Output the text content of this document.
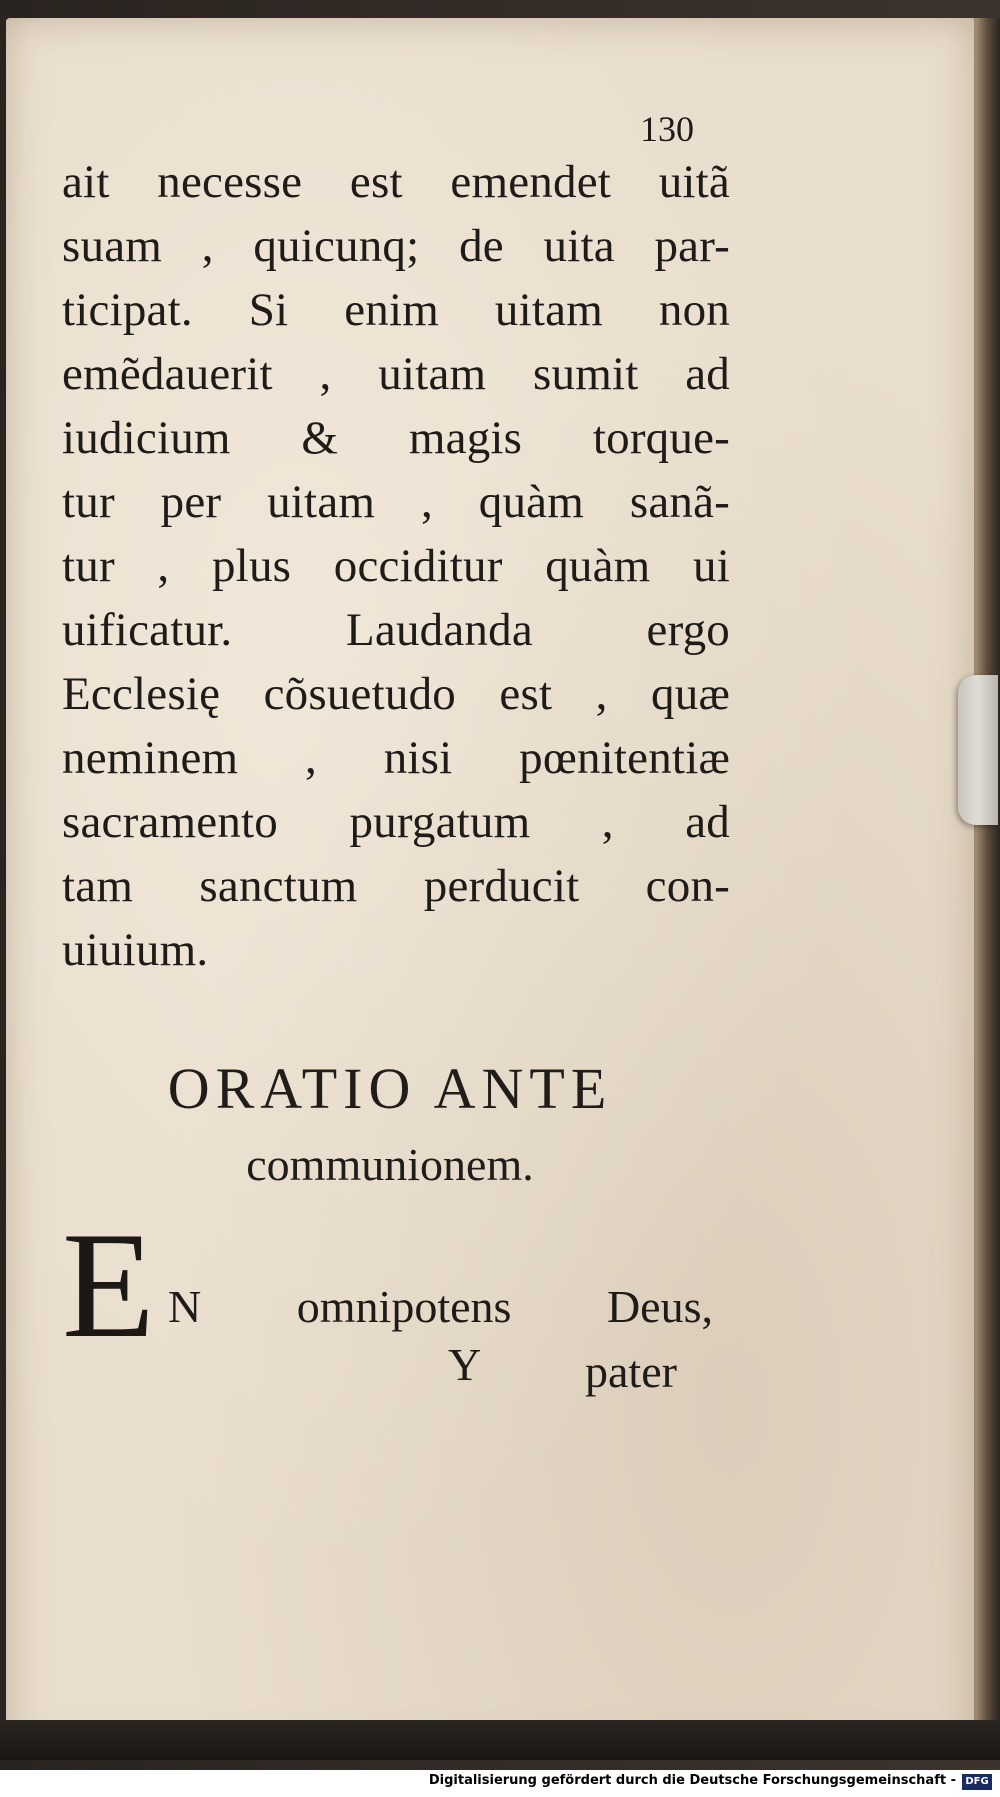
130
ait necesse est emendet uitã
suam , quicunq; de uita par-
ticipat. Si enim uitam non
emẽdauerit , uitam sumit ad
iudicium & magis torque-
tur per uitam , quàm sanã-
tur , plus occiditur quàm ui
uificatur. Laudanda ergo
Ecclesię cõsuetudo est , quæ
neminem , nisi pœnitentiæ
sacramento purgatum , ad
tam sanctum perducit con-
uiuium.
ORATIO ANTE
communionem.
E N omnipotens Deus,
Y pater
Digitalisierung gefördert durch die Deutsche Forschungsgemeinschaft - DFG
